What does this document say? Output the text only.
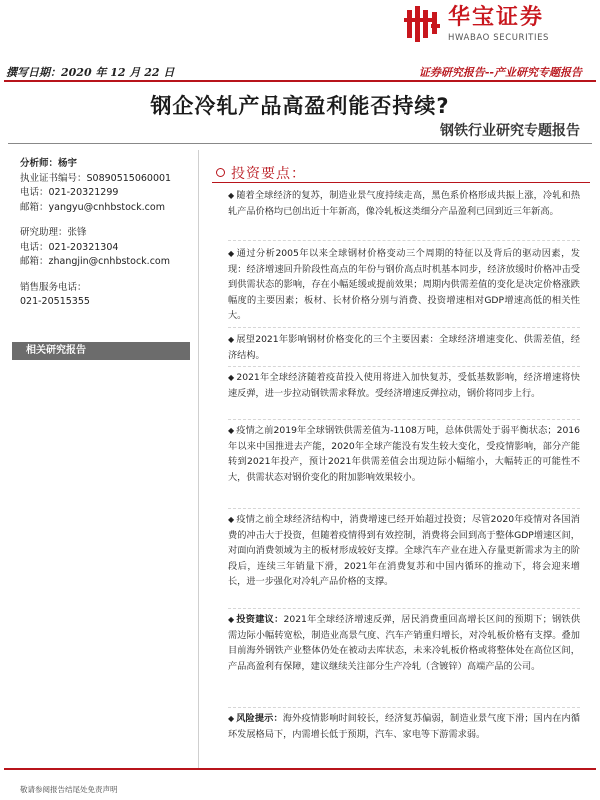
华宝证券
HWABAO SECURITIES
撰写日期：2020 年 12 月 22 日	证券研究报告--产业研究专题报告
钢企冷轧产品高盈利能否持续?
钢铁行业研究专题报告
分析师：杨宇
执业证书编号：S0890515060001
电话：021-20321299
邮箱：yangyu@cnhbstock.com
研究助理：张锋
电话：021-20321304
邮箱：zhangjin@cnhbstock.com
销售服务电话：
021-20515355
相关研究报告
投资要点：
◆ 随着全球经济的复苏，制造业景气度持续走高，黑色系价格形成共振上涨，冷轧和热轧产品价格均已创出近十年新高，像冷轧板这类细分产品盈利已回到近三年新高。
◆ 通过分析2005年以来全球钢材价格变动三个周期的特征以及背后的驱动因素，发现：经济增速回升阶段性高点的年份与钢价高点时机基本同步，经济放缓时价格冲击受到供需状态的影响，存在小幅延缓或提前效果；周期内供需差值的变化是决定价格涨跌幅度的主要因素；板材、长材价格分别与消费、投资增速相对GDP增速高低的相关性大。
◆ 展望2021年影响钢材价格变化的三个主要因素：全球经济增速变化、供需差值，经济结构。
◆ 2021年全球经济随着疫苗投入使用将进入加快复苏，受低基数影响，经济增速将快速反弹，进一步拉动钢铁需求释放。受经济增速反弹拉动，钢价将同步上行。
◆ 疫情之前2019年全球钢铁供需差值为-1108万吨，总体供需处于弱平衡状态；2016年以来中国推进去产能，2020年全球产能没有发生较大变化，受疫情影响，部分产能转到2021年投产，预计2021年供需差值会出现边际小幅缩小，大幅转正的可能性不大，供需状态对钢价变化的附加影响效果较小。
◆ 疫情之前全球经济结构中，消费增速已经开始超过投资；尽管2020年疫情对各国消费的冲击大于投资，但随着疫情得到有效控制，消费将会回到高于整体GDP增速区间，对面向消费领域为主的板材形成较好支撑。全球汽车产业在进入存量更新需求为主的阶段后，连续三年销量下滑，2021年在消费复苏和中国内循环的推动下，将会迎来增长，进一步强化对冷轧产品价格的支撑。
◆ 投资建议：2021年全球经济增速反弹，居民消费重回高增长区间的预期下；钢铁供需边际小幅转宽松，制造业高景气度、汽车产销重归增长，对冷轧板价格有支撑。叠加目前海外钢铁产业整体仍处在被动去库状态，未来冷轧板价格或将整体处在高位区间，产品高盈利有保障，建议继续关注部分生产冷轧（含镀锌）高端产品的公司。
◆ 风险提示：海外疫情影响时间较长，经济复苏偏弱，制造业景气度下滑；国内在内循环发展格局下，内需增长低于预期，汽车、家电等下游需求弱。
敬请参阅报告结尾处免责声明
